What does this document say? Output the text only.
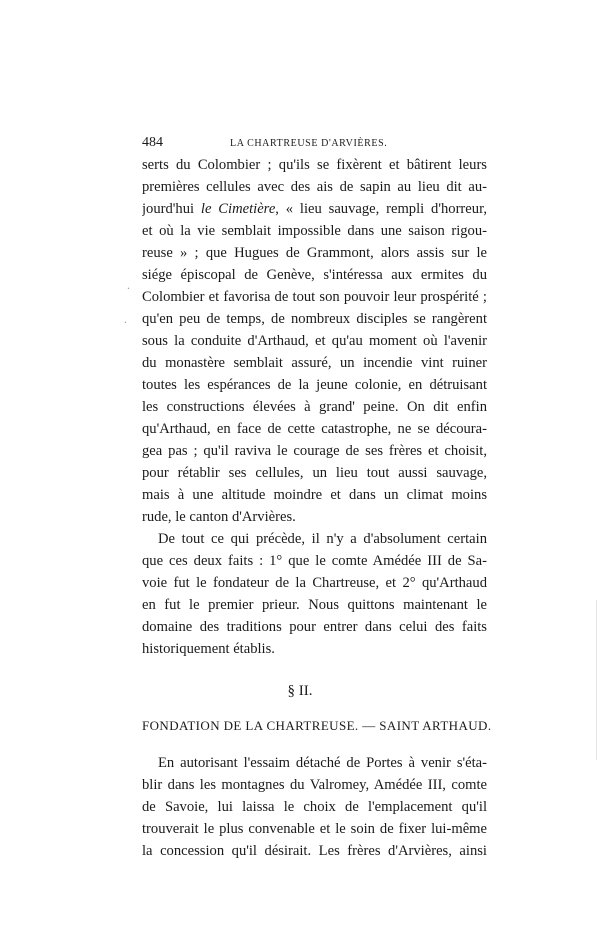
484	LA CHARTREUSE D'ARVIÈRES.
serts du Colombier ; qu'ils se fixèrent et bâtirent leurs
premières cellules avec des ais de sapin au lieu dit au-
jourd'hui le Cimetière, « lieu sauvage, rempli d'horreur,
et où la vie semblait impossible dans une saison rigou-
reuse » ; que Hugues de Grammont, alors assis sur le
siége épiscopal de Genève, s'intéressa aux ermites du
Colombier et favorisa de tout son pouvoir leur prospérité ;
qu'en peu de temps, de nombreux disciples se rangèrent
sous la conduite d'Arthaud, et qu'au moment où l'avenir
du monastère semblait assuré, un incendie vint ruiner
toutes les espérances de la jeune colonie, en détruisant
les constructions élevées à grand' peine. On dit enfin
qu'Arthaud, en face de cette catastrophe, ne se découra-
gea pas ; qu'il raviva le courage de ses frères et choisit,
pour rétablir ses cellules, un lieu tout aussi sauvage,
mais à une altitude moindre et dans un climat moins
rude, le canton d'Arvières.
De tout ce qui précède, il n'y a d'absolument certain
que ces deux faits : 1° que le comte Amédée III de Sa-
voie fut le fondateur de la Chartreuse, et 2° qu'Arthaud
en fut le premier prieur. Nous quittons maintenant le
domaine des traditions pour entrer dans celui des faits
historiquement établis.
§ II.
FONDATION DE LA CHARTREUSE. — SAINT ARTHAUD.
En autorisant l'essaim détaché de Portes à venir s'éta-
blir dans les montagnes du Valromey, Amédée III, comte
de Savoie, lui laissa le choix de l'emplacement qu'il
trouverait le plus convenable et le soin de fixer lui-même
la concession qu'il désirait. Les frères d'Arvières, ainsi
.
.
